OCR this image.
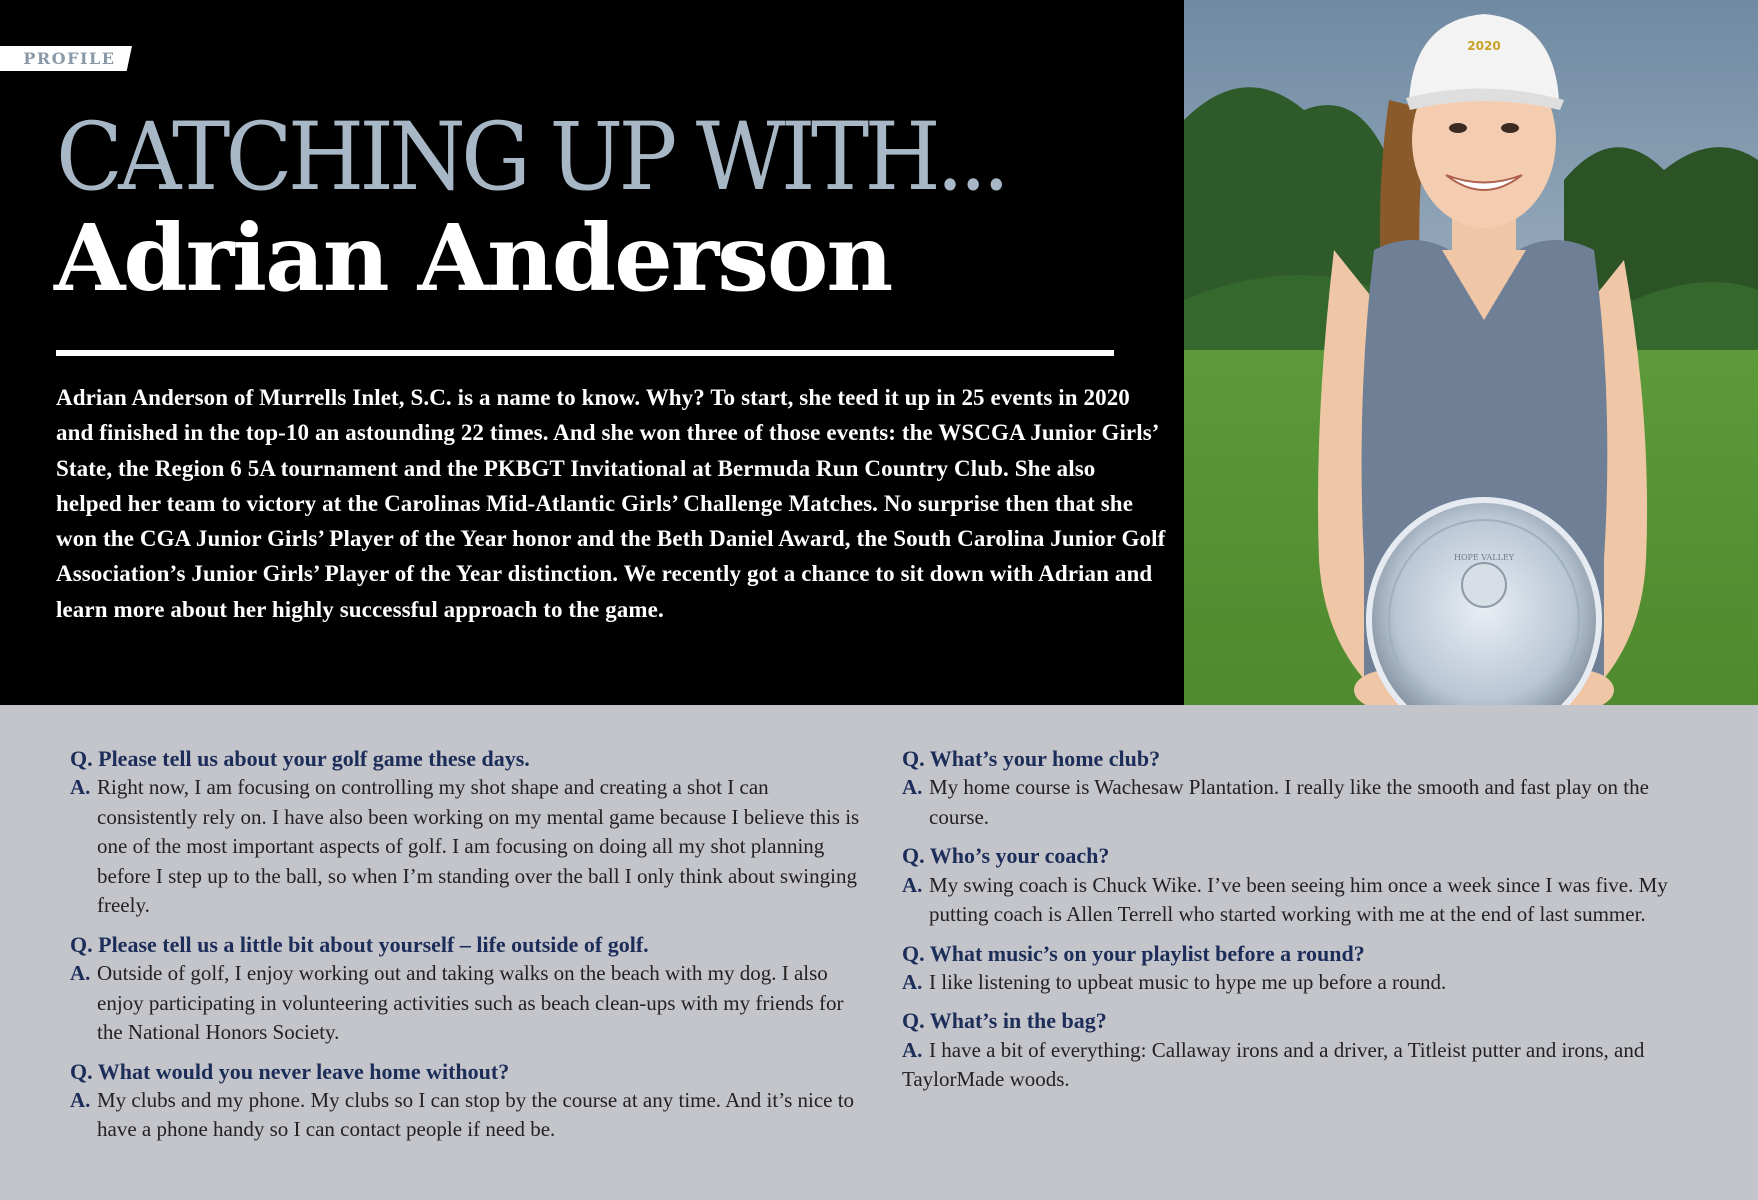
PROFILE
CATCHING UP WITH...
Adrian Anderson

Adrian Anderson of Murrells Inlet, S.C. is a name to know. Why? To start, she teed it up in 25 events in 2020 and finished in the top-10 an astounding 22 times. And she won three of those events: the WSCGA Junior Girls’ State, the Region 6 5A tournament and the PKBGT Invitational at Bermuda Run Country Club. She also helped her team to victory at the Carolinas Mid-Atlantic Girls’ Challenge Matches. No surprise then that she won the CGA Junior Girls’ Player of the Year honor and the Beth Daniel Award, the South Carolina Junior Golf Association’s Junior Girls’ Player of the Year distinction. We recently got a chance to sit down with Adrian and learn more about her highly successful approach to the game.

2020
HOPE VALLEY
Q. Please tell us about your golf game these days.
A. Right now, I am focusing on controlling my shot shape and creating a shot I can consistently rely on. I have also been working on my mental game because I believe this is one of the most important aspects of golf. I am focusing on doing all my shot planning before I step up to the ball, so when I’m standing over the ball I only think about swinging freely.
Q. Please tell us a little bit about yourself – life outside of golf.
A. Outside of golf, I enjoy working out and taking walks on the beach with my dog. I also enjoy participating in volunteering activities such as beach clean-ups with my friends for the National Honors Society.
Q. What would you never leave home without?
A. My clubs and my phone. My clubs so I can stop by the course at any time. And it’s nice to have a phone handy so I can contact people if need be.
Q. What’s your home club?
A. My home course is Wachesaw Plantation. I really like the smooth and fast play on the course.
Q. Who’s your coach?
A. My swing coach is Chuck Wike. I’ve been seeing him once a week since I was five. My putting coach is Allen Terrell who started working with me at the end of last summer.
Q. What music’s on your playlist before a round?
A. I like listening to upbeat music to hype me up before a round.
Q. What’s in the bag?
A. I have a bit of everything: Callaway irons and a driver, a Titleist putter and irons, and TaylorMade woods.
